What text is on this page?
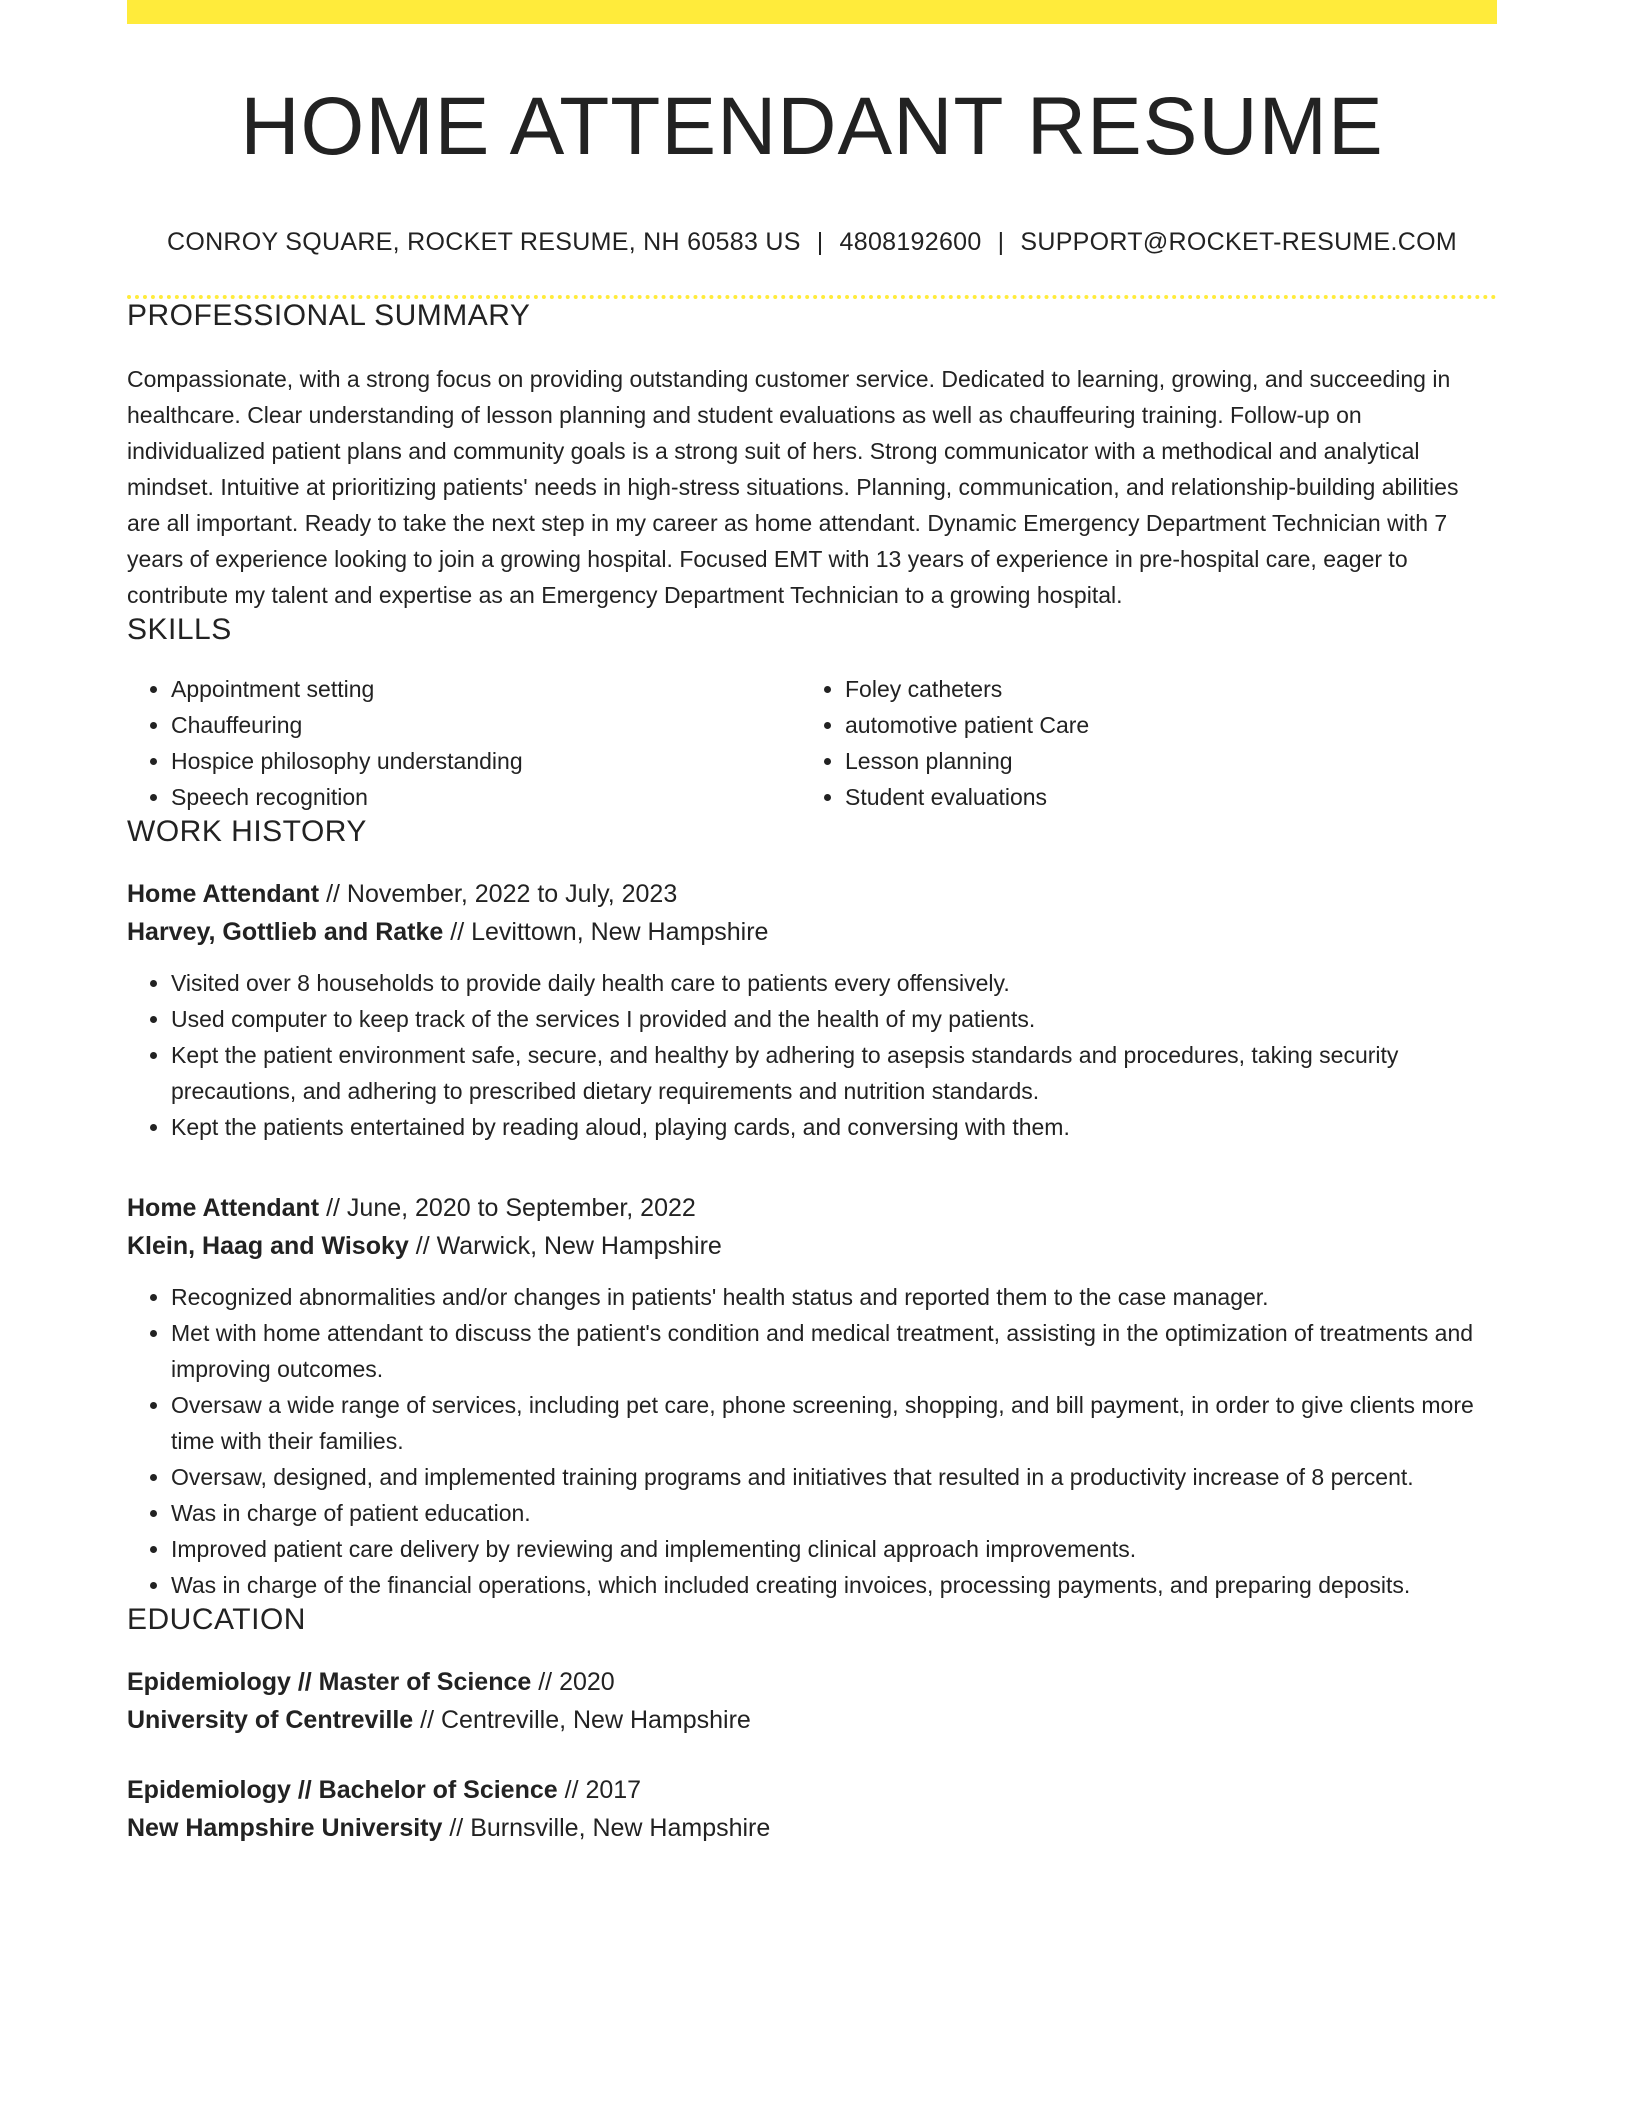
HOME ATTENDANT RESUME
CONROY SQUARE, ROCKET RESUME, NH 60583 US | 4808192600 | SUPPORT@ROCKET-RESUME.COM
PROFESSIONAL SUMMARY
Compassionate, with a strong focus on providing outstanding customer service. Dedicated to learning, growing, and succeeding in healthcare. Clear understanding of lesson planning and student evaluations as well as chauffeuring training. Follow-up on individualized patient plans and community goals is a strong suit of hers. Strong communicator with a methodical and analytical mindset. Intuitive at prioritizing patients' needs in high-stress situations. Planning, communication, and relationship-building abilities are all important. Ready to take the next step in my career as home attendant. Dynamic Emergency Department Technician with 7 years of experience looking to join a growing hospital. Focused EMT with 13 years of experience in pre-hospital care, eager to contribute my talent and expertise as an Emergency Department Technician to a growing hospital.
SKILLS
• Appointment setting
• Chauffeuring
• Hospice philosophy understanding
• Speech recognition
• Foley catheters
• automotive patient Care
• Lesson planning
• Student evaluations
WORK HISTORY
Home Attendant // November, 2022 to July, 2023
Harvey, Gottlieb and Ratke // Levittown, New Hampshire
• Visited over 8 households to provide daily health care to patients every offensively.
• Used computer to keep track of the services I provided and the health of my patients.
• Kept the patient environment safe, secure, and healthy by adhering to asepsis standards and procedures, taking security precautions, and adhering to prescribed dietary requirements and nutrition standards.
• Kept the patients entertained by reading aloud, playing cards, and conversing with them.
Home Attendant // June, 2020 to September, 2022
Klein, Haag and Wisoky // Warwick, New Hampshire
• Recognized abnormalities and/or changes in patients' health status and reported them to the case manager.
• Met with home attendant to discuss the patient's condition and medical treatment, assisting in the optimization of treatments and improving outcomes.
• Oversaw a wide range of services, including pet care, phone screening, shopping, and bill payment, in order to give clients more time with their families.
• Oversaw, designed, and implemented training programs and initiatives that resulted in a productivity increase of 8 percent.
• Was in charge of patient education.
• Improved patient care delivery by reviewing and implementing clinical approach improvements.
• Was in charge of the financial operations, which included creating invoices, processing payments, and preparing deposits.
EDUCATION
Epidemiology // Master of Science // 2020
University of Centreville // Centreville, New Hampshire
Epidemiology // Bachelor of Science // 2017
New Hampshire University // Burnsville, New Hampshire
